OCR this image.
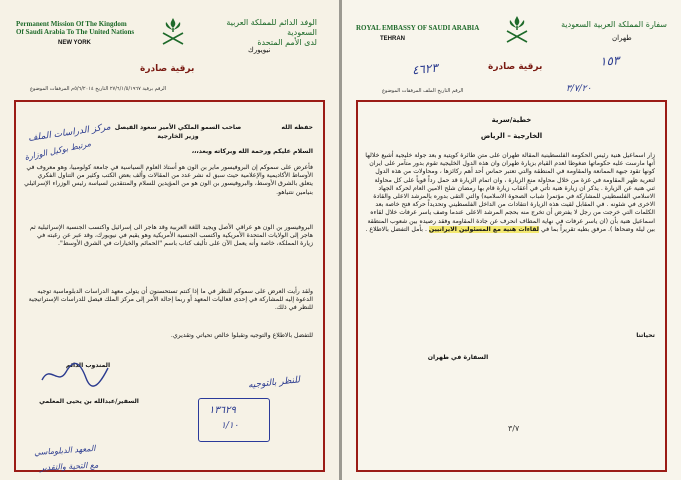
Permanent Mission Of The Kingdom
Of Saudi Arabia To The United Nations
NEW YORK
الوفد الدائم للمملكة العربية السعودية
لدى الأمم المتحدة
نيويورك
برقية صادرة
الرقم برقية ٢٧/٦/١/٥/١٩٦٧ التاريخ ٥/٦/٢٠١٤م المرفقات الموضوع
حفظه الله
صاحب السمو الملكي الأمير سعود الفيصل
وزير الخارجية
السلام عليكم ورحمة الله وبركاته وبعد،،،
فأعرض على سموكم إن البروفيسور ماير بن الون هو أستاذ العلوم السياسية في جامعة كولومبيا، وهو معروف في الأوساط الأكاديمية والإعلامية حيث سبق له نشر عدد من المقالات وألف بعض الكتب وكثير من التناول الفكري يتعلق بالشرق الأوسط، والبروفيسور بن الون هو من المؤيدين للسلام والمنتقدين لسياسة رئيس الوزراء الإسرائيلي بنيامين نتنياهو.
البروفيسور بن الون هو عراقي الأصل ويجيد اللغة العربية وقد هاجر الى إسرائيل واكتسب الجنسية الإسرائيلية ثم هاجر إلى الولايات المتحدة الأمريكية واكتسب الجنسية الأمريكية وهو يقيم في نيويورك، وقد عبر عن رغبته في زيارة المملكة، خاصة وأنه يعمل الآن على تأليف كتاب باسم "الحمائم والخيارات في الشرق الأوسط".
ولقد رأيت العرض على سموكم للنظر في ما إذا كنتم تستحسنون أن يتولى معهد الدراسات الدبلوماسية توجيه الدعوة إليه للمشاركة في إحدى فعاليات المعهد أو ربما إحالة الأمر إلى مركز الملك فيصل للدراسات الإستراتيجية للنظر في ذلك.
للتفضل بالاطلاع والتوجيه وتقبلوا خالص تحياتي وتقديري.
المندوب الدائم
السفير/عبدالله بن يحيى المعلمي
مركز الدراسات الملف
مرتبط بوكيل الوزارة
١٣٦٢٩
١/١٠
للنظر بالتوجيه
المعهد الدبلوماسي
مع التحية والتقدير
ROYAL EMBASSY OF SAUDI ARABIA
TEHRAN
سفارة المملكة العربية السعودية
طهران
برقية صادرة
الرقم التاريخ الملف المرفقات الموضوع
٤٦٢٣	١٥٣
٣/٧/٢٠
خطية/سرية
الخارجية – الرياض
زار اسماعيل هنية رئيس الحكومة الفلسطينية المقالة طهران على متن طائرة كويتية و بعد جولة خليجية أشيع خلالها أنها مارست عليه حكوماتها ضغوطا لعدم القيام بزيارة طهران وان هذه الدول الخليجية تقوم بدور متآمر على ايران كونها تقود جبهة الممانعة والمقاومة في المنطقة والتي تعتبر حماس أحد أهم ركائزها ، ومحاولات من هذه الدول لتعرية ظهر المقاومة في غزة من خلال محاولة منع الزيارة ، وان اتمام الزيارة قد حمل رداً قوياً على كل محاولة ثني هنية عن الزيارة . يذكر ان زيارة هنية تأتي في أعقاب زيارة قام بها رمضان شلح الامين العام لحركة الجهاد الاسلامي الفلسطيني للمشاركة في مؤتمر( شباب الصحوة الاسلامية) والتي التقى بدوره بالمرشد الاعلى والقادة الاخرى في شئونه . في المقابل لقيت هذه الزيارة انتقادات من الداخل الفلسطيني وتحديداً حركة فتح خاصة بعد الكلمات التي خرجت من رجل لا يفترض أن تخرج منه بحجم المرشد الاعلى عندما وصف ياسر عرفات خلال لقاءه اسماعيل هنية بأن (ان ياسر عرفات في نهاية المطاف انحرف عن جادة المقاومة وفقد رصيده بين شعوب المنطقة بين ليلة وضحاها ). مرفق بطيه تقريراً بما في لقاءات هنية مع المسئولين الايرانيين . بأمل التفضل بالاطلاع .
تحياتنا
السفارة في طهران
٣/٧
